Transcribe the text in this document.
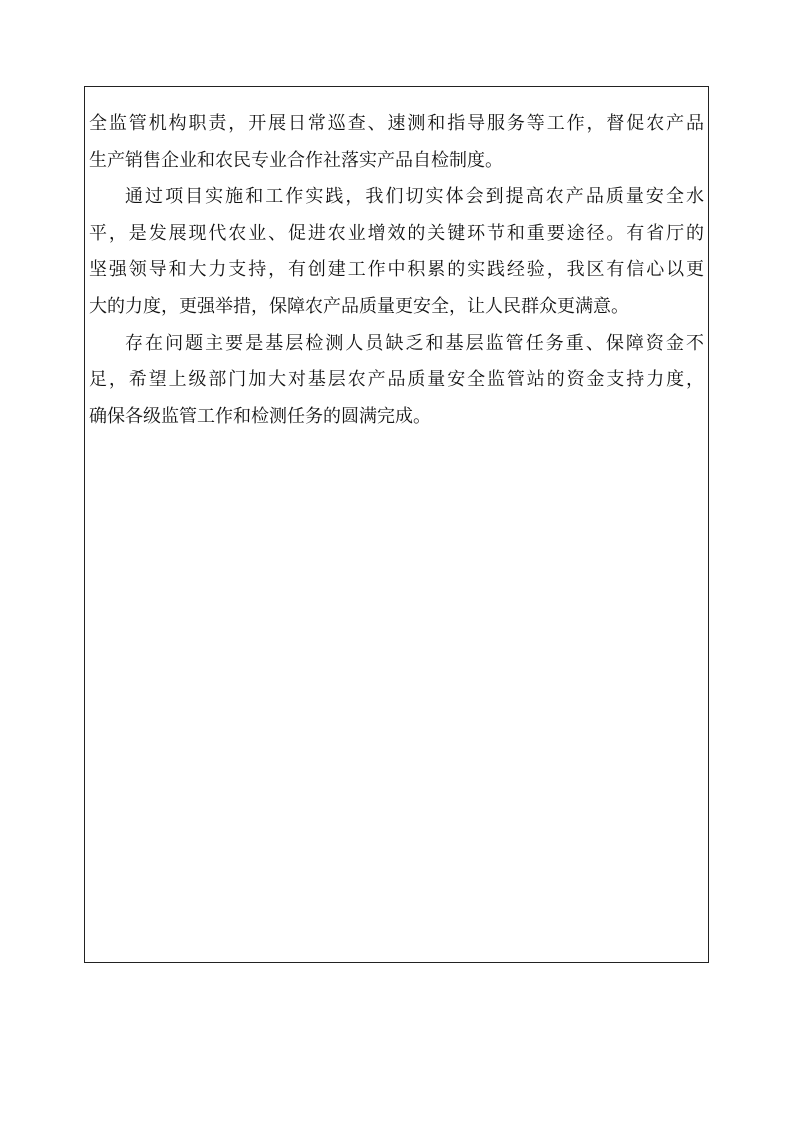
全监管机构职责，开展日常巡查、速测和指导服务等工作，督促农产品
生产销售企业和农民专业合作社落实产品自检制度。

通过项目实施和工作实践，我们切实体会到提高农产品质量安全水
平，是发展现代农业、促进农业增效的关键环节和重要途径。有省厅的
坚强领导和大力支持，有创建工作中积累的实践经验，我区有信心以更
大的力度，更强举措，保障农产品质量更安全，让人民群众更满意。

存在问题主要是基层检测人员缺乏和基层监管任务重、保障资金不
足，希望上级部门加大对基层农产品质量安全监管站的资金支持力度，
确保各级监管工作和检测任务的圆满完成。
